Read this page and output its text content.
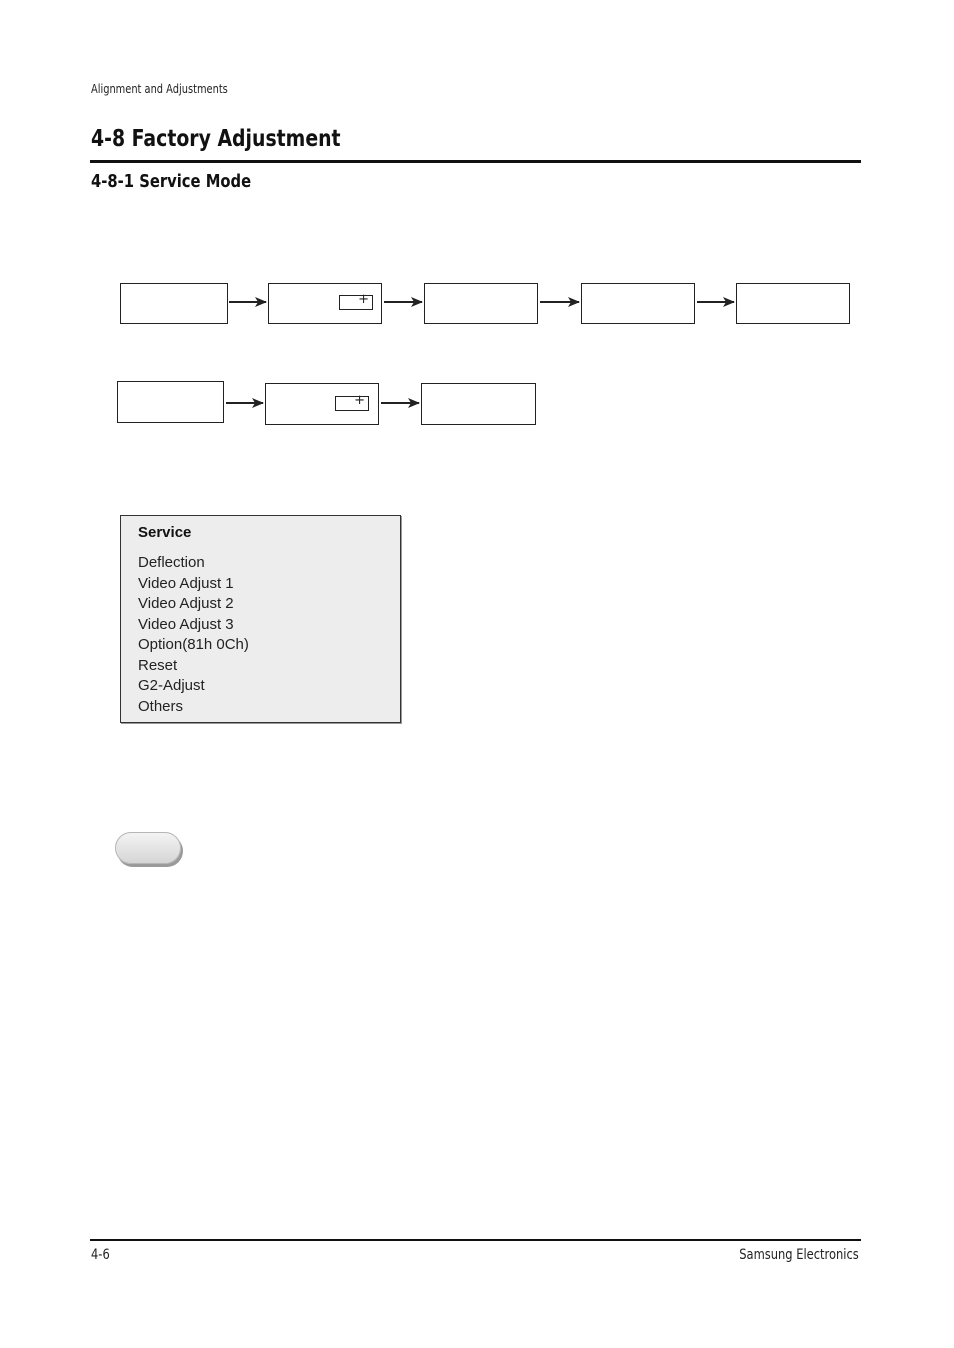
Alignment and Adjustments
4-8 Factory Adjustment
4-8-1 Service Mode
+
+
Service
Deflection
Video Adjust 1
Video Adjust 2
Video Adjust 3
Option(81h 0Ch)
Reset
G2-Adjust
Others
4-6	Samsung Electronics
